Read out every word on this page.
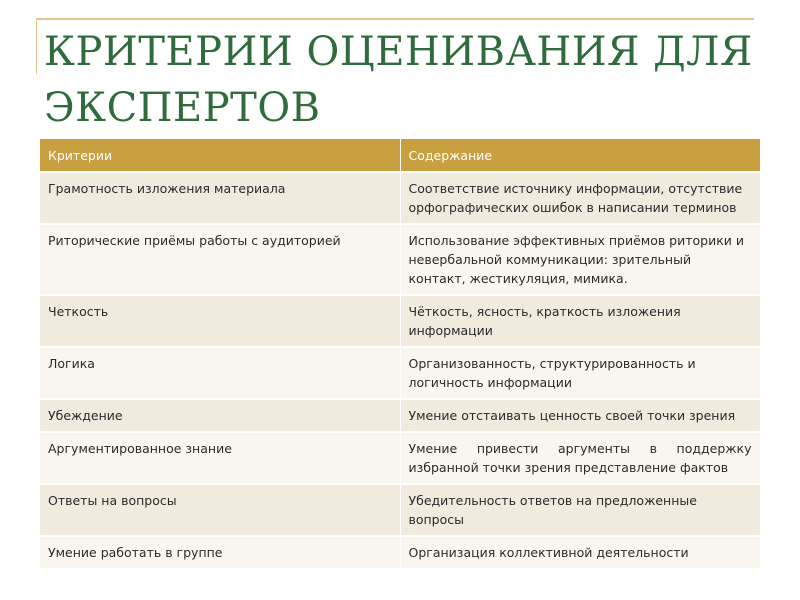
КРИТЕРИИ ОЦЕНИВАНИЯ ДЛЯ
ЭКСПЕРТОВ
Критерии	Содержание
Грамотность изложения материала	Соответствие источнику информации, отсутствие орфографических ошибок в написании терминов
Риторические приёмы работы с аудиторией	Использование эффективных приёмов риторики и невербальной коммуникации: зрительный контакт, жестикуляция, мимика.
Четкость	Чёткость, ясность, краткость изложения информации
Логика	Организованность, структурированность и логичность информации
Убеждение	Умение отстаивать ценность своей точки зрения
Аргументированное знание	Умение привести аргументы в поддержку избранной точки зрения представление фактов
Ответы на вопросы	Убедительность ответов на предложенные вопросы
Умение работать в группе	Организация коллективной деятельности
